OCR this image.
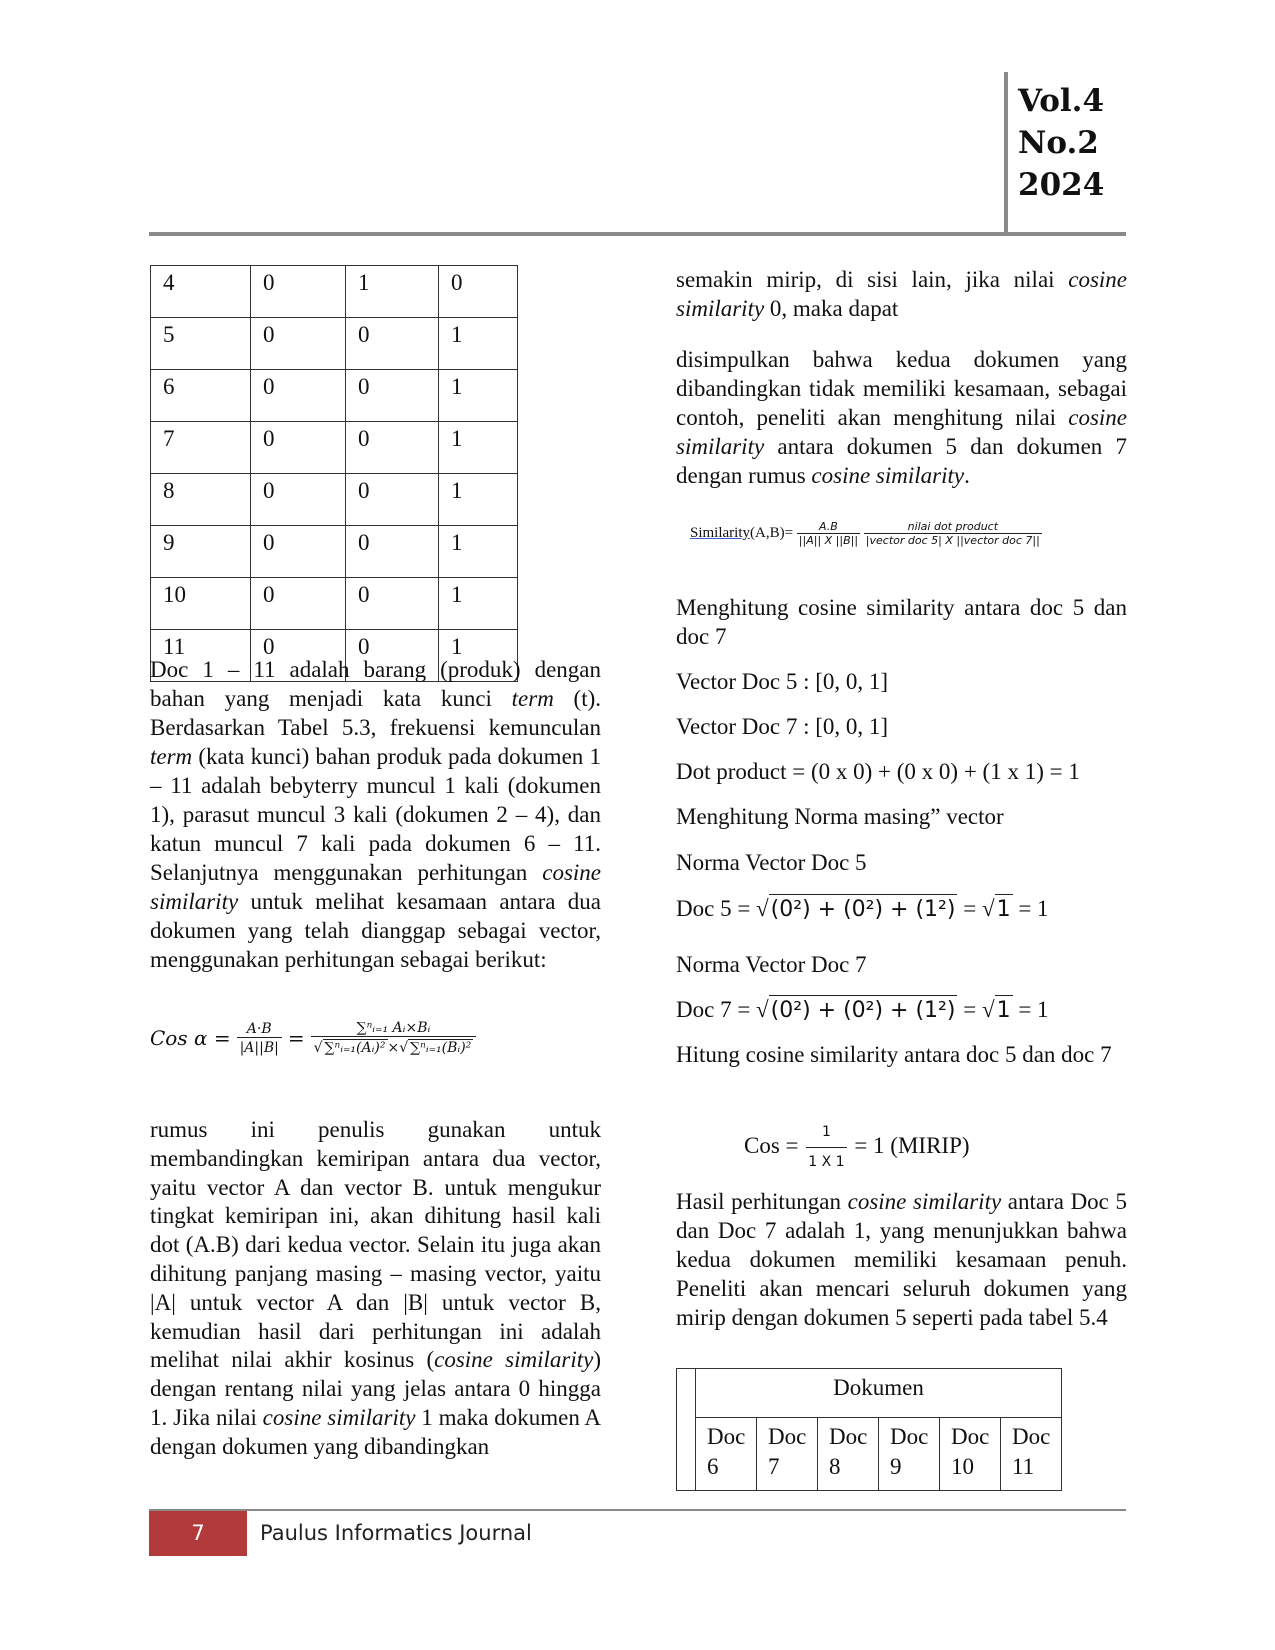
Vol.4
No.2
2024
4	0	1	0
5	0	0	1
6	0	0	1
7	0	0	1
8	0	0	1
9	0	0	1
10	0	0	1
11	0	0	1

Doc 1 – 11 adalah barang (produk) dengan bahan yang menjadi kata kunci term (t). Berdasarkan Tabel 5.3, frekuensi kemunculan term (kata kunci) bahan produk pada dokumen 1 – 11 adalah bebyterry muncul 1 kali (dokumen 1), parasut muncul 3 kali (dokumen 2 – 4), dan katun muncul 7 kali pada dokumen 6 – 11. Selanjutnya menggunakan perhitungan cosine similarity untuk melihat kesamaan antara dua dokumen yang telah dianggap sebagai vector, menggunakan perhitungan sebagai berikut:

Cos $\alpha = \frac{A\cdot B}{|A||B|} = \frac{\text{∑ⁿᵢ₌₁ Aᵢ×Bᵢ}}{\text{√ ∑ⁿᵢ₌₁(Aᵢ)² ×√ ∑ⁿᵢ₌₁(Bᵢ)²}}$

rumus ini penulis gunakan untuk membandingkan kemiripan antara dua vector, yaitu vector A dan vector B. untuk mengukur tingkat kemiripan ini, akan dihitung hasil kali dot (A.B) dari kedua vector. Selain itu juga akan dihitung panjang masing – masing vector, yaitu |A| untuk vector A dan |B| untuk vector B, kemudian hasil dari perhitungan ini adalah melihat nilai akhir kosinus (cosine similarity) dengan rentang nilai yang jelas antara 0 hingga 1. Jika nilai cosine similarity 1 maka dokumen A dengan dokumen yang dibandingkan

semakin mirip, di sisi lain, jika nilai cosine similarity 0, maka dapat

disimpulkan bahwa kedua dokumen yang dibandingkan tidak memiliki kesamaan, sebagai contoh, peneliti akan menghitung nilai cosine similarity antara dokumen 5 dan dokumen 7 dengan rumus cosine similarity.

Similarity(A,B)= $\frac{A.B}{||A|| X ||B||}$
$\frac{\text{nilai dot product}}{\text{|vector doc 5| X ||vector doc 7||}}$
Menghitung cosine similarity antara doc 5 dan doc 7
Vector Doc 5 : [0, 0, 1]
Vector Doc 7 : [0, 0, 1]
Dot product = (0 x 0) + (0 x 0) + (1 x 1) = 1
Menghitung Norma masing” vector
Norma Vector Doc 5
Doc 5 = √(0²) + (0²) + (1²) = √1 = 1
Norma Vector Doc 7
Doc 7 = √(0²) + (0²) + (1²) = √1 = 1
Hitung cosine similarity antara doc 5 dan doc 7
Cos = $\frac{1}{1 X 1} = 1$ (MIRIP)
Hasil perhitungan cosine similarity antara Doc 5 dan Doc 7 adalah 1, yang menunjukkan bahwa kedua dokumen memiliki kesamaan penuh. Peneliti akan mencari seluruh dokumen yang mirip dengan dokumen 5 seperti pada tabel 5.4
	Dokumen					
	Doc 6	Doc 7	Doc 8	Doc 9	Doc 10	Doc 11
7	Paulus Informatics Journal
